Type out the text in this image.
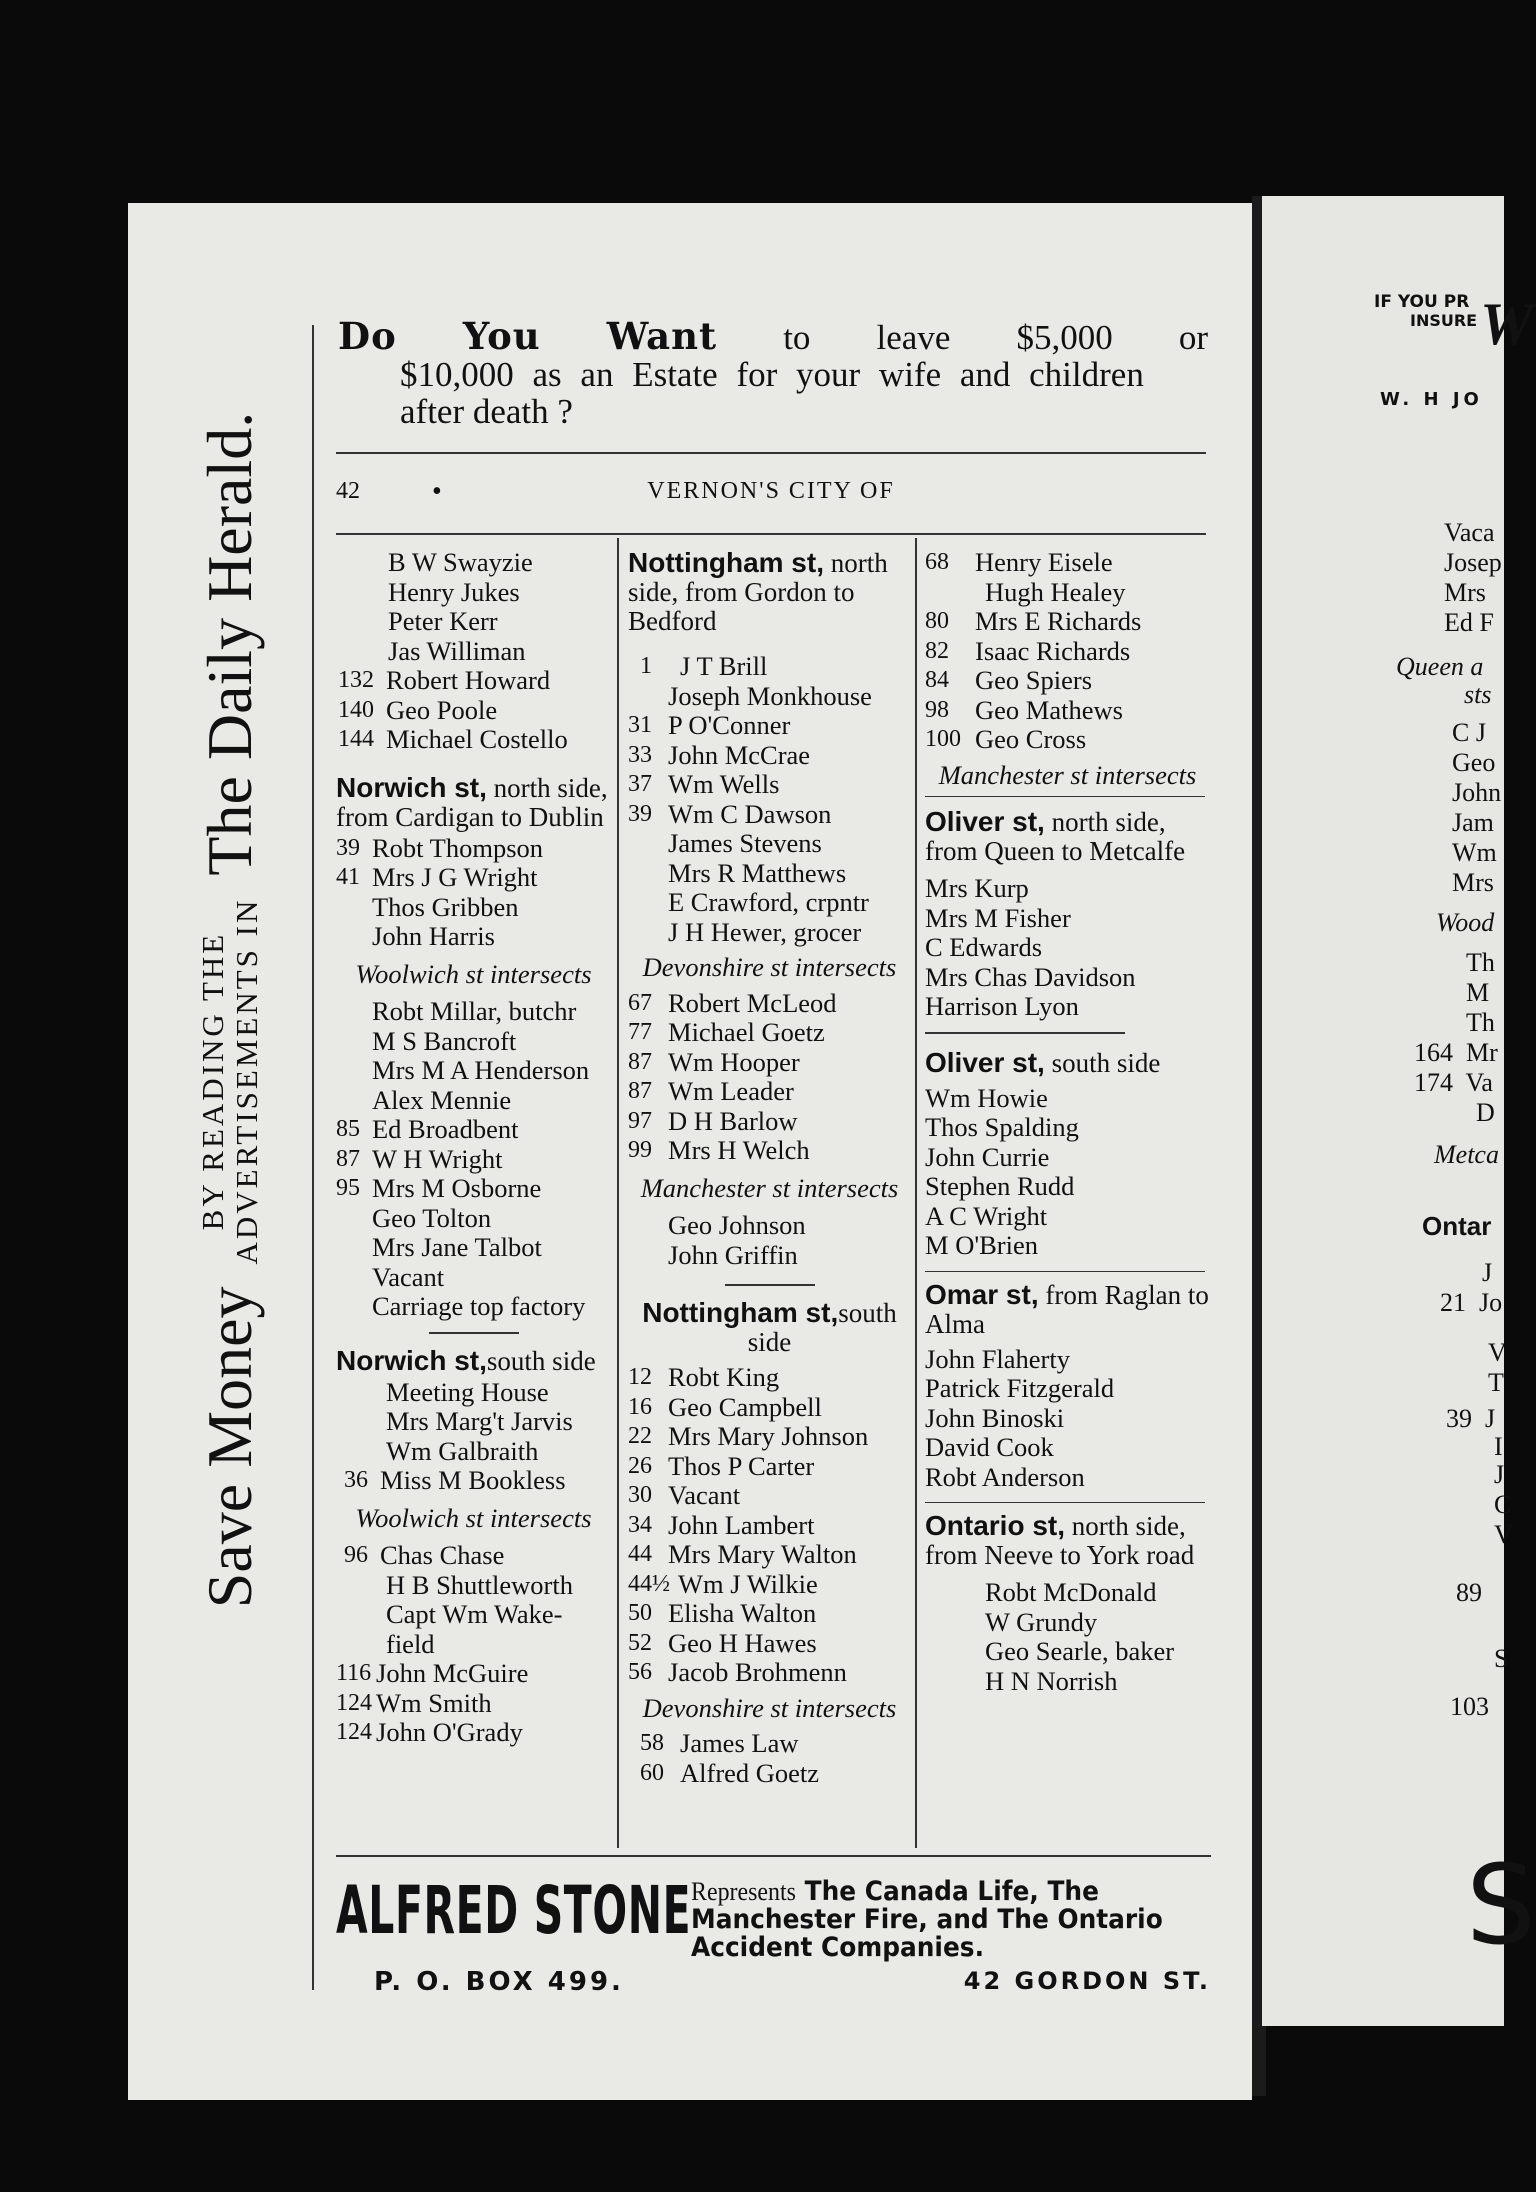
Save Money
BY READING THE ADVERTISEMENTS IN
The Daily Herald.
Do You Want to leave $5,000 or
$10,000 as an Estate for your wife and children
after death ?
42	•	VERNON'S CITY OF
B W Swayzie
Henry Jukes
Peter Kerr
Jas Williman
132 Robert Howard
140 Geo Poole
144 Michael Costello
Norwich st, north side, from Cardigan to Dublin
39 Robt Thompson
41 Mrs J G Wright
Thos Gribben
John Harris
Woolwich st intersects
Robt Millar, butchr
M S Bancroft
Mrs M A Henderson
Alex Mennie
85 Ed Broadbent
87 W H Wright
95 Mrs M Osborne
Geo Tolton
Mrs Jane Talbot
Vacant
Carriage top factory
Norwich st,south side
Meeting House
Mrs Marg't Jarvis
Wm Galbraith
36 Miss M Bookless
Woolwich st intersects
96 Chas Chase
H B Shuttleworth
Capt Wm Wake-field
116 John McGuire
124 Wm Smith
124 John O'Grady
Nottingham st, north side, from Gordon to Bedford
1	J T Brill
Joseph Monkhouse
31 P O'Conner
33 John McCrae
37 Wm Wells
39 Wm C Dawson
James Stevens
Mrs R Matthews
E Crawford, crpntr
J H Hewer, grocer
Devonshire st intersects
67 Robert McLeod
77 Michael Goetz
87 Wm Hooper
87 Wm Leader
97 D H Barlow
99 Mrs H Welch
Manchester st intersects
Geo Johnson
John Griffin
Nottingham st,south side
12 Robt King
16 Geo Campbell
22 Mrs Mary Johnson
26 Thos P Carter
30 Vacant
34 John Lambert
44 Mrs Mary Walton
44½ Wm J Wilkie
50 Elisha Walton
52 Geo H Hawes
56 Jacob Brohmenn
Devonshire st intersects
58 James Law
60 Alfred Goetz
68 Henry Eisele
Hugh Healey
80 Mrs E Richards
82 Isaac Richards
84 Geo Spiers
98 Geo Mathews
100 Geo Cross
Manchester st intersects
Oliver st, north side, from Queen to Metcalfe
Mrs Kurp
Mrs M Fisher
C Edwards
Mrs Chas Davidson
Harrison Lyon
Oliver st, south side
Wm Howie
Thos Spalding
John Currie
Stephen Rudd
A C Wright
M O'Brien
Omar st, from Raglan to Alma
John Flaherty
Patrick Fitzgerald
John Binoski
David Cook
Robt Anderson
Ontario st, north side, from Neeve to York road
Robt McDonald
W Grundy
Geo Searle, baker
H N Norrish
ALFRED STONE Represents The Canada Life, The Manchester Fire, and The Ontario Accident Companies.
P. O. BOX 499.	42 GORDON ST.
IF YOU PR
INSURE W
W. H JO
Vaca
Josep
Mrs
Ed F
Queen a
sts
C J
Geo
John
Jam
Wm
Mrs
Wood
Th
M
Th
164  Mr
174  Va
D
Metca
Ontar
J
21  Jo
V
T
39  J
I
J
C
V
89
S
103
S
